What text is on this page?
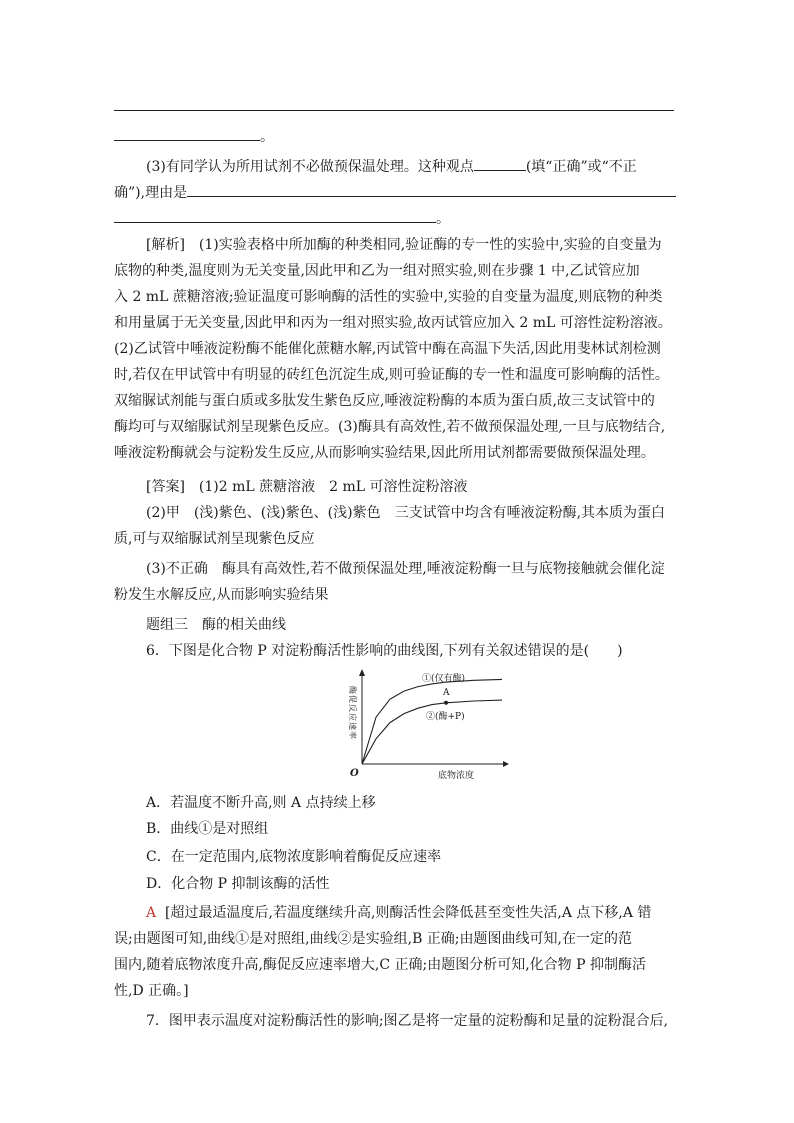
。
(3)有同学认为所用试剂不必做预保温处理。这种观点	(填“正确”或“不正
确”),理由是
。
[解析]　(1)实验表格中所加酶的种类相同,验证酶的专一性的实验中,实验的自变量为
底物的种类,温度则为无关变量,因此甲和乙为一组对照实验,则在步骤 1 中,乙试管应加
入 2 mL 蔗糖溶液;验证温度可影响酶的活性的实验中,实验的自变量为温度,则底物的种类
和用量属于无关变量,因此甲和丙为一组对照实验,故丙试管应加入 2 mL 可溶性淀粉溶液。
(2)乙试管中唾液淀粉酶不能催化蔗糖水解,丙试管中酶在高温下失活,因此用斐林试剂检测
时,若仅在甲试管中有明显的砖红色沉淀生成,则可验证酶的专一性和温度可影响酶的活性。
双缩脲试剂能与蛋白质或多肽发生紫色反应,唾液淀粉酶的本质为蛋白质,故三支试管中的
酶均可与双缩脲试剂呈现紫色反应。(3)酶具有高效性,若不做预保温处理,一旦与底物结合,
唾液淀粉酶就会与淀粉发生反应,从而影响实验结果,因此所用试剂都需要做预保温处理。
[答案]　(1)2 mL 蔗糖溶液　2 mL 可溶性淀粉溶液
(2)甲　(浅)紫色、(浅)紫色、(浅)紫色　三支试管中均含有唾液淀粉酶,其本质为蛋白
质,可与双缩脲试剂呈现紫色反应
(3)不正确　酶具有高效性,若不做预保温处理,唾液淀粉酶一旦与底物接触就会催化淀
粉发生水解反应,从而影响实验结果
题组三　酶的相关曲线
6．下图是化合物 P 对淀粉酶活性影响的曲线图,下列有关叙述错误的是(　　)
O	底物浓度
酶促反应速率
①(仅有酶)
②(酶+P)
A
A．若温度不断升高,则 A 点持续上移
B．曲线①是对照组
C．在一定范围内,底物浓度影响着酶促反应速率
D．化合物 P 抑制该酶的活性
A [超过最适温度后,若温度继续升高,则酶活性会降低甚至变性失活,A 点下移,A 错
误;由题图可知,曲线①是对照组,曲线②是实验组,B 正确;由题图曲线可知,在一定的范
围内,随着底物浓度升高,酶促反应速率增大,C 正确;由题图分析可知,化合物 P 抑制酶活
性,D 正确。]
7．图甲表示温度对淀粉酶活性的影响;图乙是将一定量的淀粉酶和足量的淀粉混合后,
